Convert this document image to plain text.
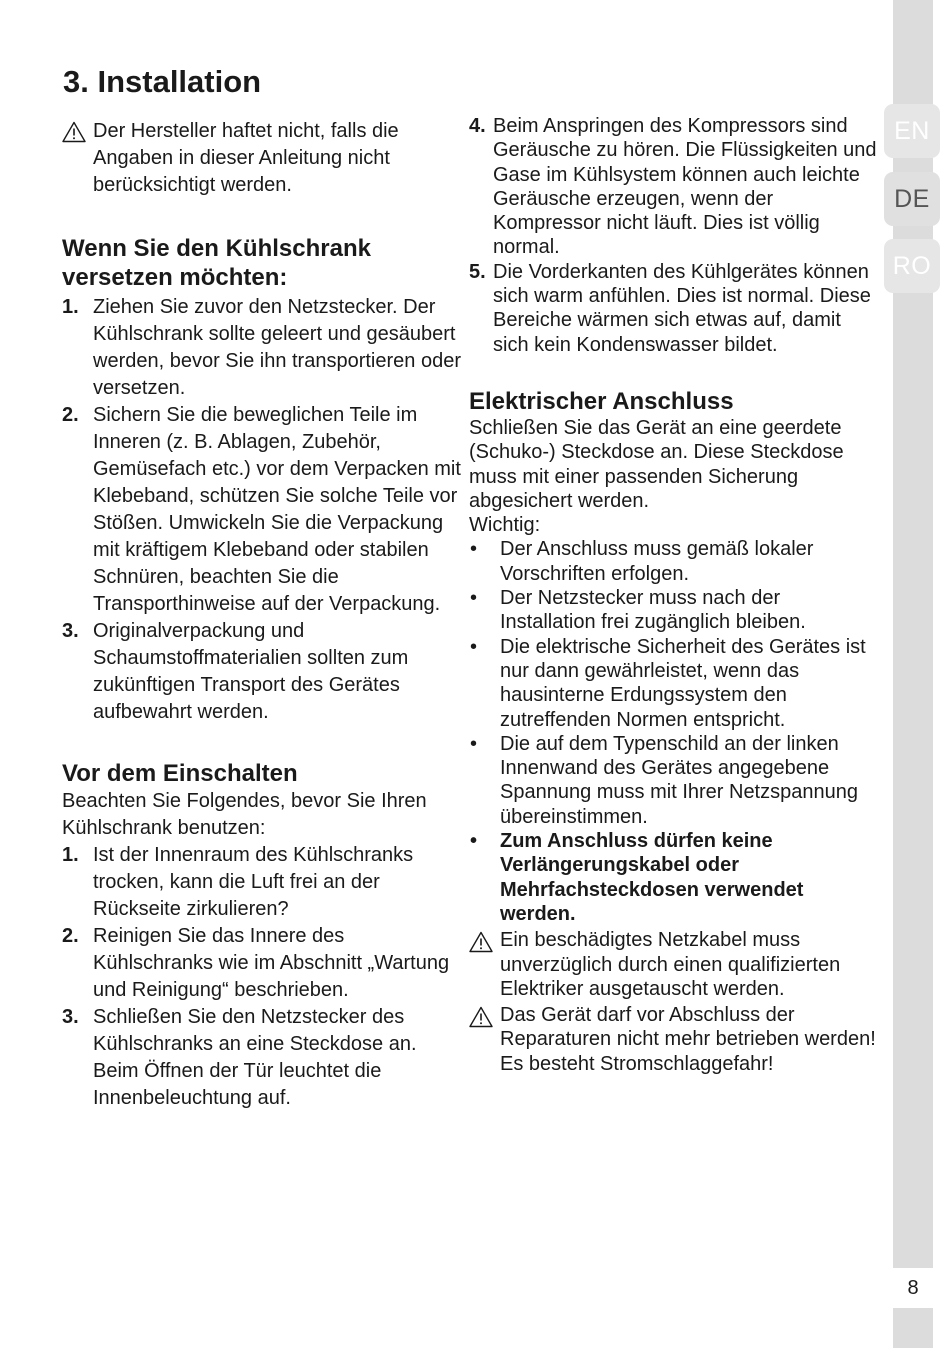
EN
DE
RO
8
3. Installation
Der Hersteller haftet nicht, falls die Angaben in dieser Anleitung nicht berücksichtigt werden.
Wenn Sie den Kühlschrank versetzen möchten:
1. Ziehen Sie zuvor den Netzstecker. Der Kühlschrank sollte geleert und gesäubert werden, bevor Sie ihn transportieren oder versetzen.
2. Sichern Sie die beweglichen Teile im Inneren (z. B. Ablagen, Zubehör, Gemüsefach etc.) vor dem Verpacken mit Klebeband, schützen Sie solche Teile vor Stößen. Umwickeln Sie die Verpackung mit kräftigem Klebeband oder stabilen Schnüren, beachten Sie die Transporthinweise auf der Verpackung.
3. Originalverpackung und Schaumstoffmaterialien sollten zum zukünftigen Transport des Gerätes aufbewahrt werden.
Vor dem Einschalten

Beachten Sie Folgendes, bevor Sie Ihren Kühlschrank benutzen:

1. Ist der Innenraum des Kühlschranks trocken, kann die Luft frei an der Rückseite zirkulieren?
2. Reinigen Sie das Innere des Kühlschranks wie im Abschnitt „Wartung und Reinigung“ beschrieben.
3. Schließen Sie den Netzstecker des Kühlschranks an eine Steckdose an. Beim Öffnen der Tür leuchtet die Innenbeleuchtung auf.
4. Beim Anspringen des Kompressors sind Geräusche zu hören. Die Flüssigkeiten und Gase im Kühlsystem können auch leichte Geräusche erzeugen, wenn der Kompressor nicht läuft. Dies ist völlig normal.
5. Die Vorderkanten des Kühlgerätes können sich warm anfühlen. Dies ist normal. Diese Bereiche wärmen sich etwas auf, damit sich kein Kondenswasser bildet.
Elektrischer Anschluss

Schließen Sie das Gerät an eine geerdete (Schuko-) Steckdose an. Diese Steckdose muss mit einer passenden Sicherung abgesichert werden.

Wichtig:

• Der Anschluss muss gemäß lokaler Vorschriften erfolgen.
• Der Netzstecker muss nach der Installation frei zugänglich bleiben.
• Die elektrische Sicherheit des Gerätes ist nur dann gewährleistet, wenn das hausinterne Erdungssystem den zutreffenden Normen entspricht.
• Die auf dem Typenschild an der linken Innenwand des Gerätes angegebene Spannung muss mit Ihrer Netzspannung übereinstimmen.
• Zum Anschluss dürfen keine Verlängerungskabel oder Mehrfachsteckdosen verwendet werden.
Ein beschädigtes Netzkabel muss unverzüglich durch einen qualifizierten Elektriker ausgetauscht werden.
Das Gerät darf vor Abschluss der Reparaturen nicht mehr betrieben werden! Es besteht Stromschlaggefahr!
